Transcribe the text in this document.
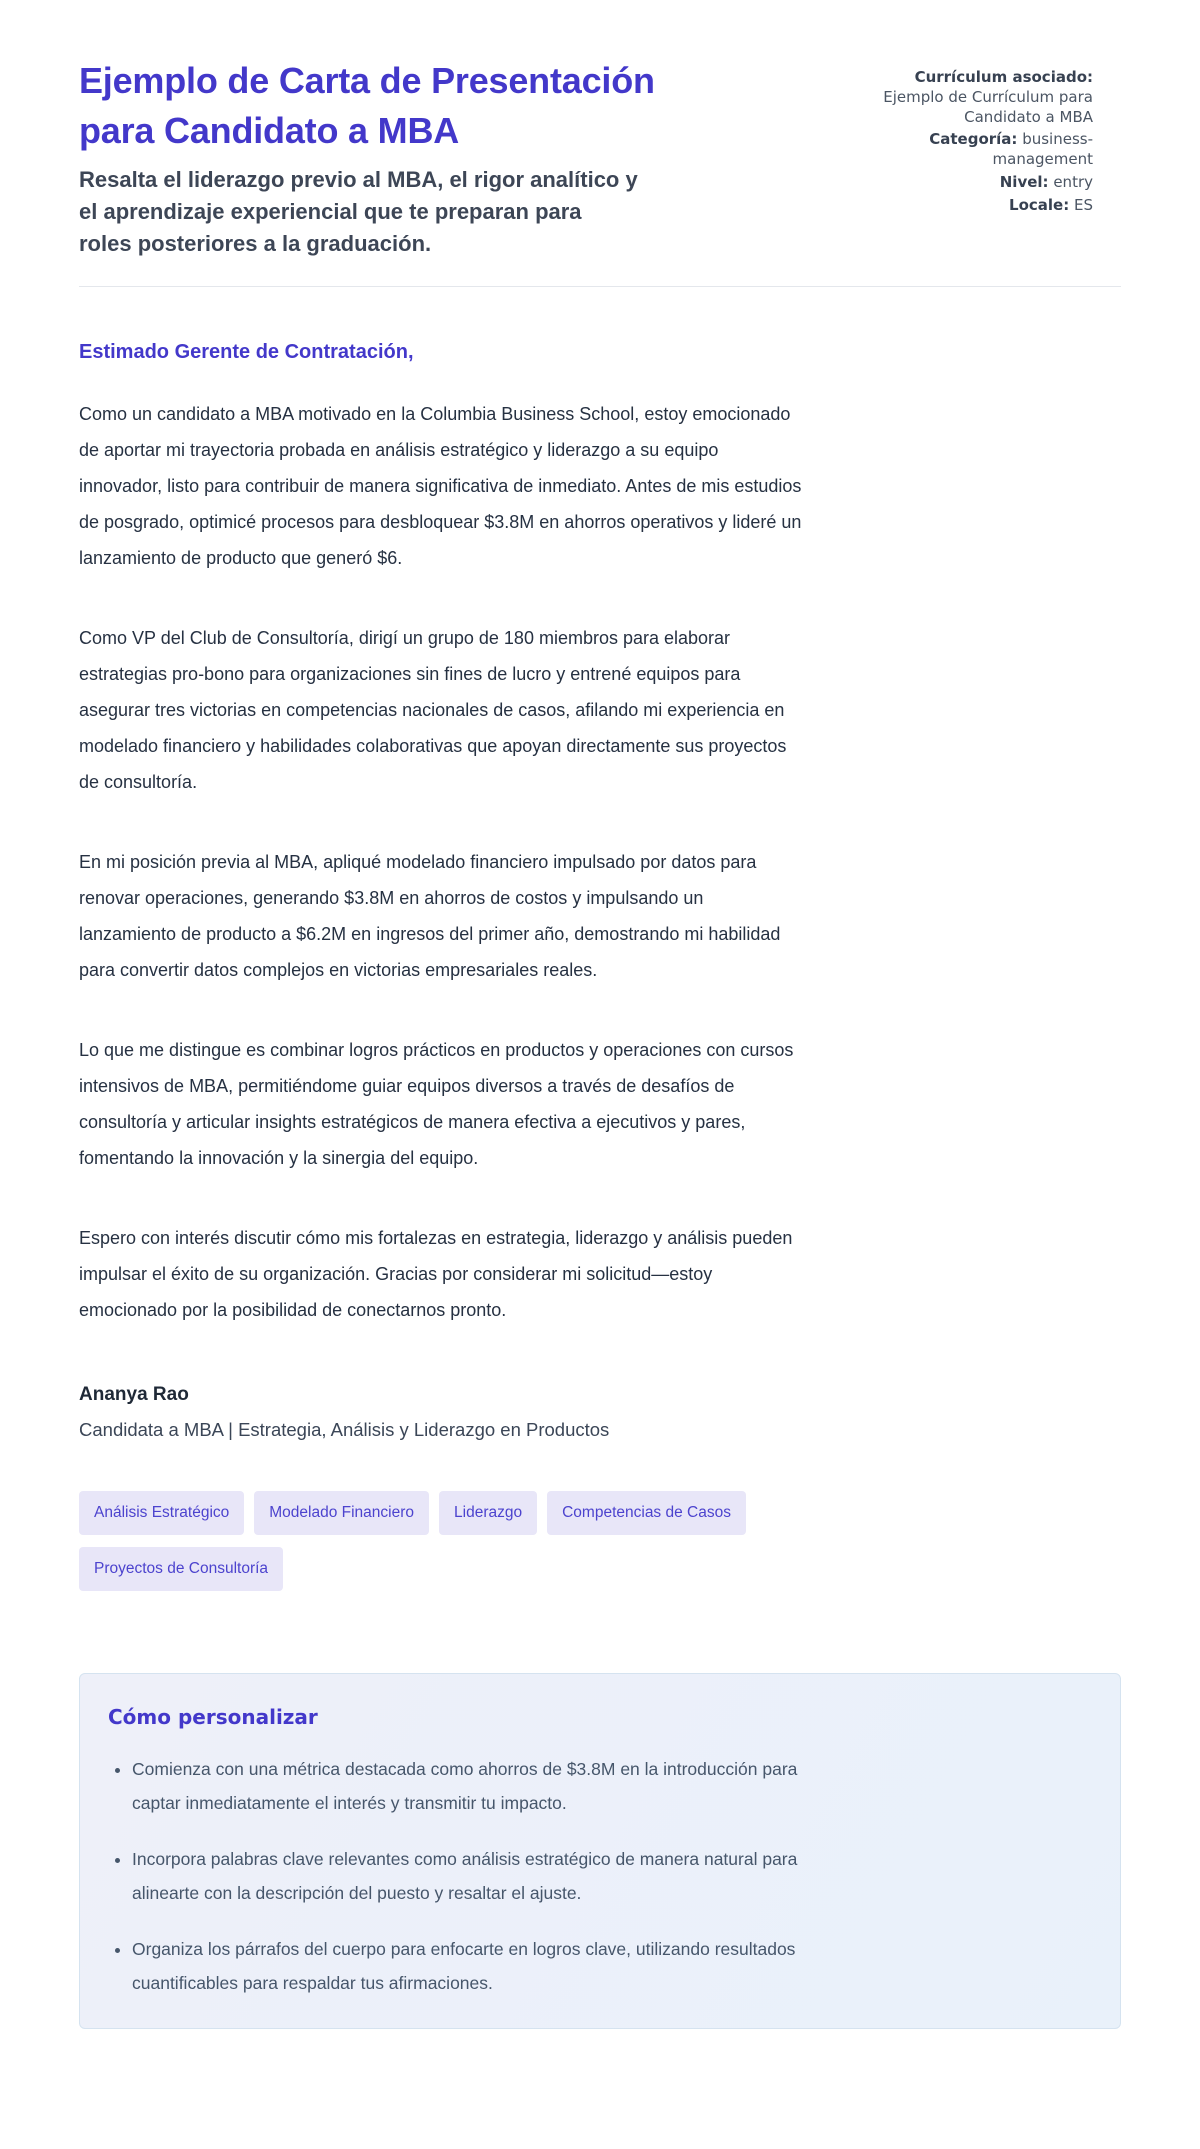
Ejemplo de Carta de Presentación para Candidato a MBA

Resalta el liderazgo previo al MBA, el rigor analítico y el aprendizaje experiencial que te preparan para roles posteriores a la graduación.

Currículum asociado:
Ejemplo de Currículum para Candidato a MBA
Categoría: business-management
Nivel: entry
Locale: ES

Estimado Gerente de Contratación,

Como un candidato a MBA motivado en la Columbia Business School, estoy emocionado de aportar mi trayectoria probada en análisis estratégico y liderazgo a su equipo innovador, listo para contribuir de manera significativa de inmediato. Antes de mis estudios de posgrado, optimicé procesos para desbloquear $3.8M en ahorros operativos y lideré un lanzamiento de producto que generó $6.

Como VP del Club de Consultoría, dirigí un grupo de 180 miembros para elaborar estrategias pro-bono para organizaciones sin fines de lucro y entrené equipos para asegurar tres victorias en competencias nacionales de casos, afilando mi experiencia en modelado financiero y habilidades colaborativas que apoyan directamente sus proyectos de consultoría.

En mi posición previa al MBA, apliqué modelado financiero impulsado por datos para renovar operaciones, generando $3.8M en ahorros de costos y impulsando un lanzamiento de producto a $6.2M en ingresos del primer año, demostrando mi habilidad para convertir datos complejos en victorias empresariales reales.

Lo que me distingue es combinar logros prácticos en productos y operaciones con cursos intensivos de MBA, permitiéndome guiar equipos diversos a través de desafíos de consultoría y articular insights estratégicos de manera efectiva a ejecutivos y pares, fomentando la innovación y la sinergia del equipo.

Espero con interés discutir cómo mis fortalezas en estrategia, liderazgo y análisis pueden impulsar el éxito de su organización. Gracias por considerar mi solicitud—estoy emocionado por la posibilidad de conectarnos pronto.

Ananya Rao

Candidata a MBA | Estrategia, Análisis y Liderazgo en Productos

Análisis Estratégico	Modelado Financiero	Liderazgo	Competencias de Casos
Proyectos de Consultoría
Cómo personalizar
• Comienza con una métrica destacada como ahorros de $3.8M en la introducción para captar inmediatamente el interés y transmitir tu impacto.
• Incorpora palabras clave relevantes como análisis estratégico de manera natural para alinearte con la descripción del puesto y resaltar el ajuste.
• Organiza los párrafos del cuerpo para enfocarte en logros clave, utilizando resultados cuantificables para respaldar tus afirmaciones.
